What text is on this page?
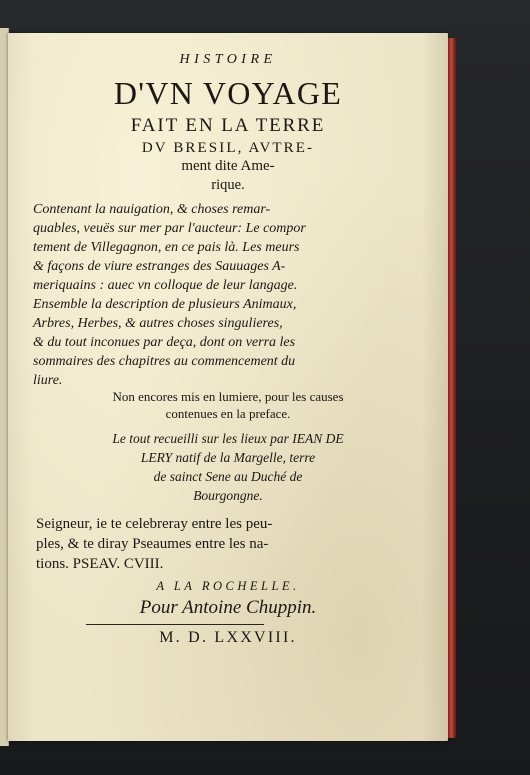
HISTOIRE

D'VN VOYAGE

FAIT EN LA TERRE

DV BRESIL, AVTRE-

ment dite Ame-

rique.

Contenant la nauigation, & choses remar-

quables, veuës sur mer par l'aucteur: Le compor

tement de Villegagnon, en ce pais là. Les meurs

& façons de viure estranges des Sauuages A-

meriquains : auec vn colloque de leur langage.

Ensemble la description de plusieurs Animaux,

Arbres, Herbes, & autres choses singulieres,

& du tout inconues par deça, dont on verra les

sommaires des chapitres au commencement du

Non encores mis en lumiere, pour les causes

contenues en la preface.

Le tout recueilli sur les lieux par IEAN DE

LERY natif de la Margelle, terre

de sainct Sene au Duché de

Bourgongne.

Seigneur, ie te celebreray entre les peu-

ples, & te diray Pseaumes entre les na-

tions. PSEAV. CVIII.

A LA ROCHELLE.

Pour Antoine Chuppin.

M. D. LXXVIII.

liure.
